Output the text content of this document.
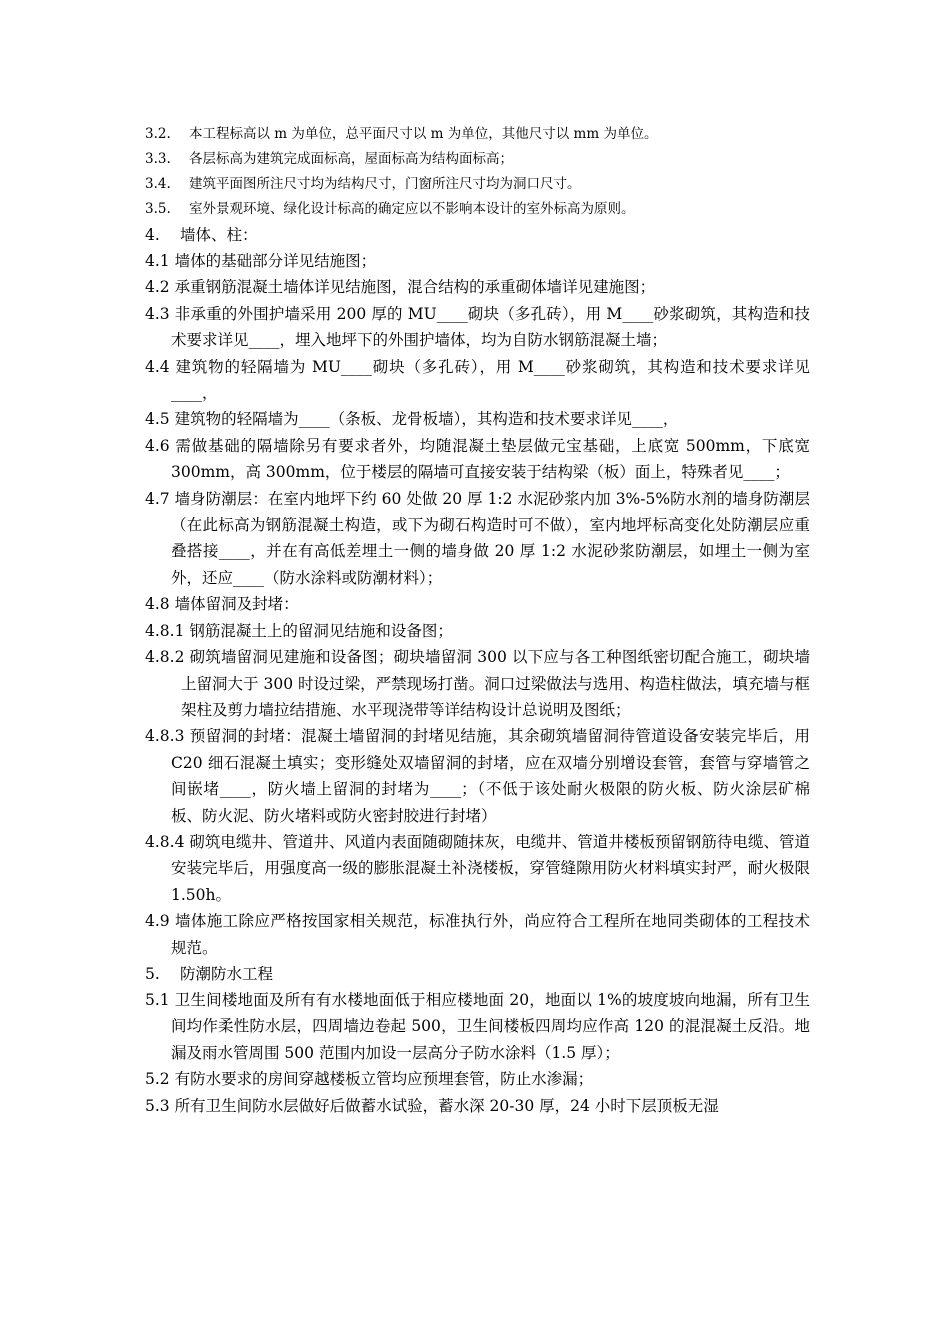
3.2.	本工程标高以 m 为单位，总平面尺寸以 m 为单位，其他尺寸以 mm 为单位。
3.3.	各层标高为建筑完成面标高，屋面标高为结构面标高；
3.4.	建筑平面图所注尺寸均为结构尺寸，门窗所注尺寸均为洞口尺寸。
3.5.	室外景观环境、绿化设计标高的确定应以不影响本设计的室外标高为原则。
4. 墙体、柱：
4.1 墙体的基础部分详见结施图；
4.2 承重钢筋混凝土墙体详见结施图，混合结构的承重砌体墙详见建施图；
4.3 非承重的外围护墙采用 200 厚的 MU____砌块（多孔砖），用 M____砂浆砌筑，其构造和技术要求详见____，埋入地坪下的外围护墙体，均为自防水钢筋混凝土墙；
4.4 建筑物的轻隔墙为 MU____砌块（多孔砖），用 M____砂浆砌筑，其构造和技术要求详见____，
4.5 建筑物的轻隔墙为____（条板、龙骨板墙），其构造和技术要求详见____，
4.6 需做基础的隔墙除另有要求者外，均随混凝土垫层做元宝基础，上底宽 500mm，下底宽 300mm，高 300mm，位于楼层的隔墙可直接安装于结构梁（板）面上，特殊者见____；
4.7 墙身防潮层：在室内地坪下约 60 处做 20 厚 1:2 水泥砂浆内加 3%-5%防水剂的墙身防潮层（在此标高为钢筋混凝土构造，或下为砌石构造时可不做），室内地坪标高变化处防潮层应重叠搭接____，并在有高低差埋土一侧的墙身做 20 厚 1:2 水泥砂浆防潮层，如埋土一侧为室外，还应____（防水涂料或防潮材料）；
4.8 墙体留洞及封堵：
4.8.1 钢筋混凝土上的留洞见结施和设备图；
4.8.2 砌筑墙留洞见建施和设备图；砌块墙留洞 300 以下应与各工种图纸密切配合施工，砌块墙上留洞大于 300 时设过梁，严禁现场打凿。洞口过梁做法与选用、构造柱做法，填充墙与框架柱及剪力墙拉结措施、水平现浇带等详结构设计总说明及图纸；
4.8.3 预留洞的封堵：混凝土墙留洞的封堵见结施，其余砌筑墙留洞待管道设备安装完毕后，用 C20 细石混凝土填实；变形缝处双墙留洞的封堵，应在双墙分别增设套管，套管与穿墙管之间嵌堵____，防火墙上留洞的封堵为____；（不低于该处耐火极限的防火板、防火涂层矿棉板、防火泥、防火堵料或防火密封胶进行封堵）
4.8.4 砌筑电缆井、管道井、风道内表面随砌随抹灰，电缆井、管道井楼板预留钢筋待电缆、管道安装完毕后，用强度高一级的膨胀混凝土补浇楼板，穿管缝隙用防火材料填实封严，耐火极限 1.50h。
4.9 墙体施工除应严格按国家相关规范，标准执行外，尚应符合工程所在地同类砌体的工程技术规范。
5. 防潮防水工程
5.1 卫生间楼地面及所有有水楼地面低于相应楼地面 20，地面以 1%的坡度坡向地漏，所有卫生间均作柔性防水层，四周墙边卷起 500，卫生间楼板四周均应作高 120 的混混凝土反沿。地漏及雨水管周围 500 范围内加设一层高分子防水涂料（1.5 厚）；
5.2 有防水要求的房间穿越楼板立管均应预埋套管，防止水渗漏；
5.3 所有卫生间防水层做好后做蓄水试验，蓄水深 20-30 厚，24 小时下层顶板无湿
